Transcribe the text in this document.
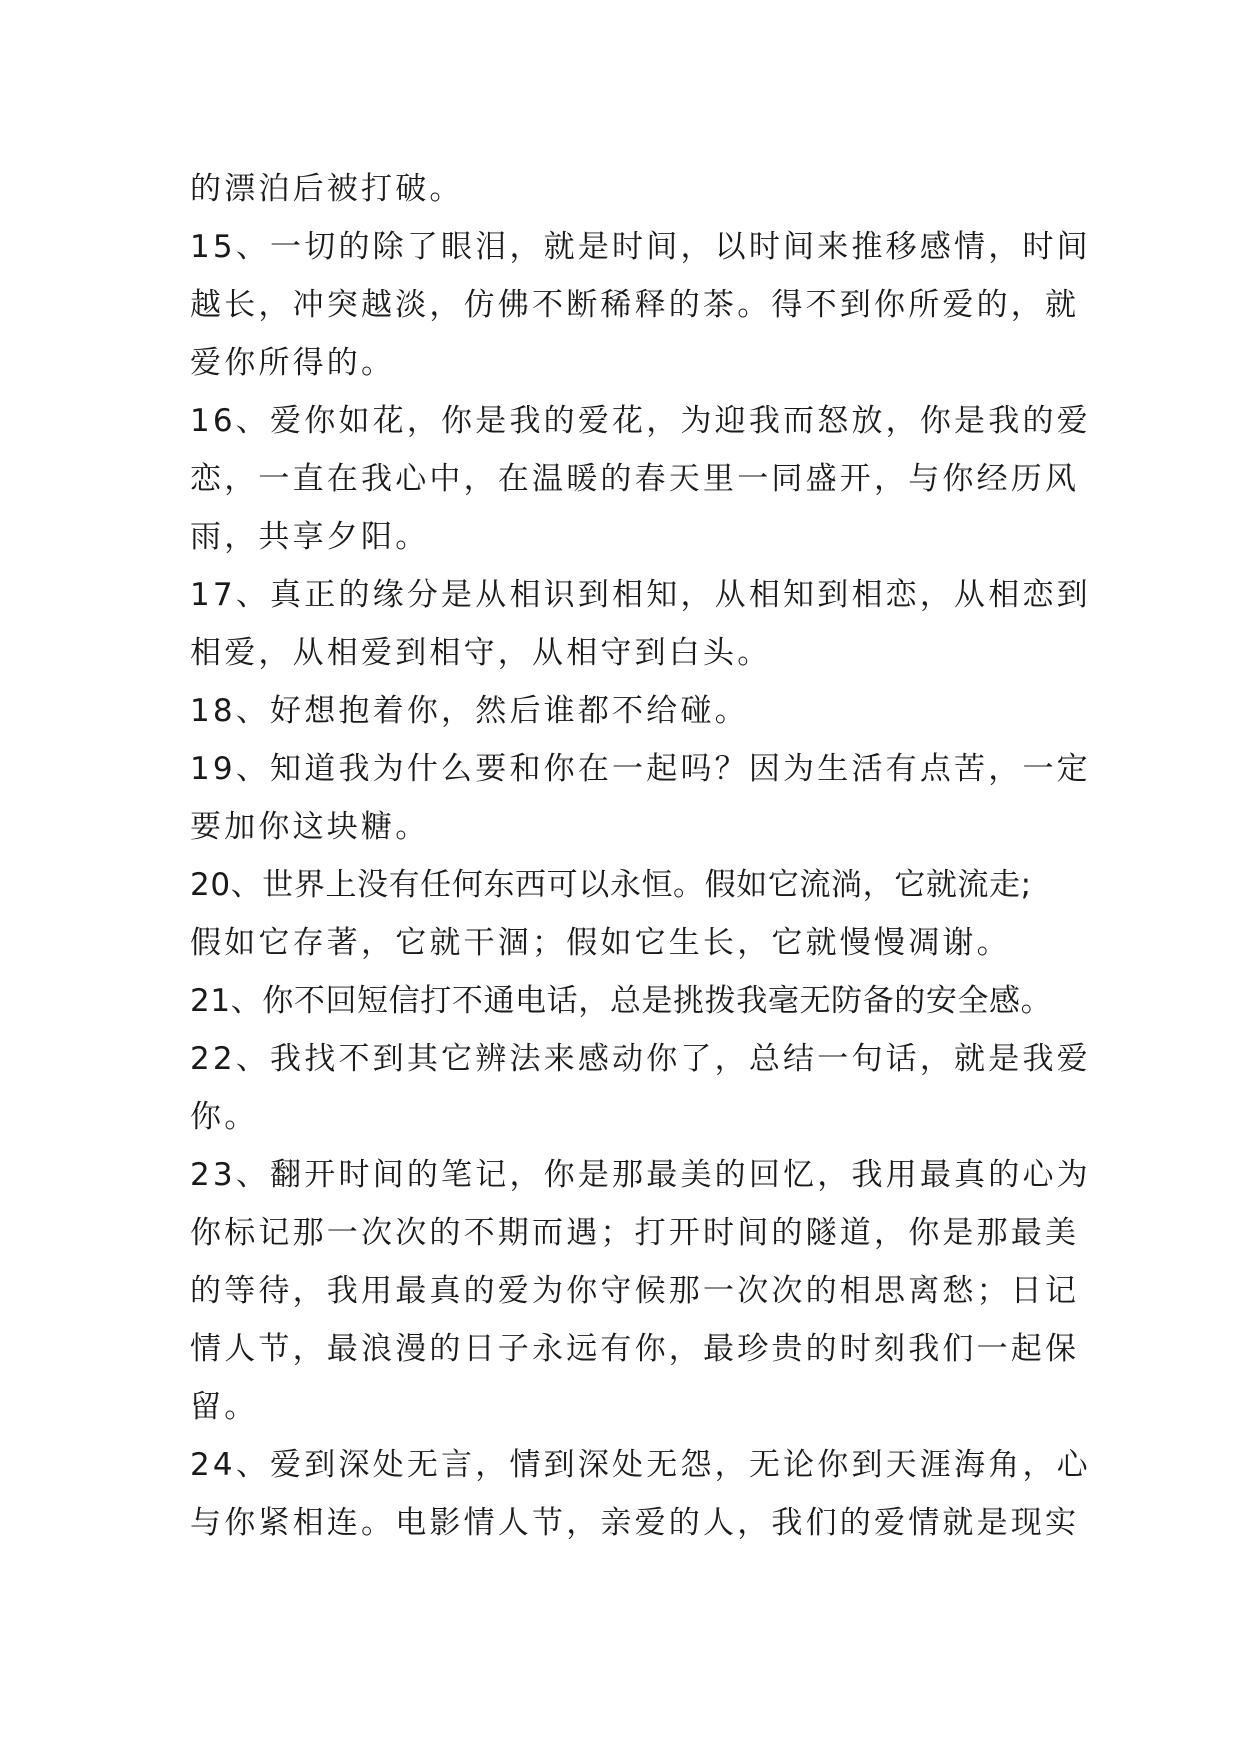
的漂泊后被打破。
15、一切的除了眼泪，就是时间，以时间来推移感情，时间
越长，冲突越淡，仿佛不断稀释的茶。得不到你所爱的，就
爱你所得的。
16、爱你如花，你是我的爱花，为迎我而怒放，你是我的爱
恋，一直在我心中，在温暖的春天里一同盛开，与你经历风
雨，共享夕阳。
17、真正的缘分是从相识到相知，从相知到相恋，从相恋到
相爱，从相爱到相守，从相守到白头。
18、好想抱着你，然后谁都不给碰。
19、知道我为什么要和你在一起吗？因为生活有点苦，一定
要加你这块糖。
20、世界上没有任何东西可以永恒。假如它流淌，它就流走;
假如它存著，它就干涸；假如它生长，它就慢慢凋谢。
21、你不回短信打不通电话，总是挑拨我毫无防备的安全感。
22、我找不到其它辨法来感动你了，总结一句话，就是我爱
你。
23、翻开时间的笔记，你是那最美的回忆，我用最真的心为
你标记那一次次的不期而遇；打开时间的隧道，你是那最美
的等待，我用最真的爱为你守候那一次次的相思离愁；日记
情人节，最浪漫的日子永远有你，最珍贵的时刻我们一起保
留。
24、爱到深处无言，情到深处无怨，无论你到天涯海角，心
与你紧相连。电影情人节，亲爱的人，我们的爱情就是现实
